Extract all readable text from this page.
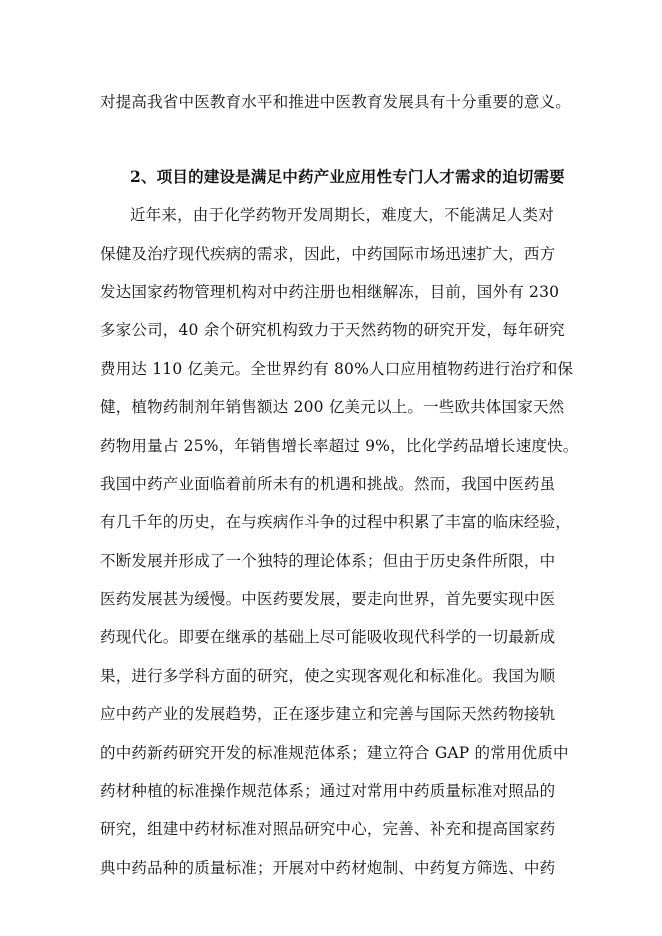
对提高我省中医教育水平和推进中医教育发展具有十分重要的意义。
2、项目的建设是满足中药产业应用性专门人才需求的迫切需要
近年来，由于化学药物开发周期长，难度大，不能满足人类对
保健及治疗现代疾病的需求，因此，中药国际市场迅速扩大，西方
发达国家药物管理机构对中药注册也相继解冻，目前，国外有 230
多家公司，40 余个研究机构致力于天然药物的研究开发，每年研究
费用达 110 亿美元。全世界约有 80%人口应用植物药进行治疗和保
健，植物药制剂年销售额达 200 亿美元以上。一些欧共体国家天然
药物用量占 25%，年销售增长率超过 9%，比化学药品增长速度快。
我国中药产业面临着前所未有的机遇和挑战。然而，我国中医药虽
有几千年的历史，在与疾病作斗争的过程中积累了丰富的临床经验，
不断发展并形成了一个独特的理论体系；但由于历史条件所限，中
医药发展甚为缓慢。中医药要发展，要走向世界，首先要实现中医
药现代化。即要在继承的基础上尽可能吸收现代科学的一切最新成
果，进行多学科方面的研究，使之实现客观化和标准化。我国为顺
应中药产业的发展趋势，正在逐步建立和完善与国际天然药物接轨
的中药新药研究开发的标准规范体系；建立符合 GAP 的常用优质中
药材种植的标准操作规范体系；通过对常用中药质量标准对照品的
研究，组建中药材标准对照品研究中心，完善、补充和提高国家药
典中药品种的质量标准；开展对中药材炮制、中药复方筛选、中药
